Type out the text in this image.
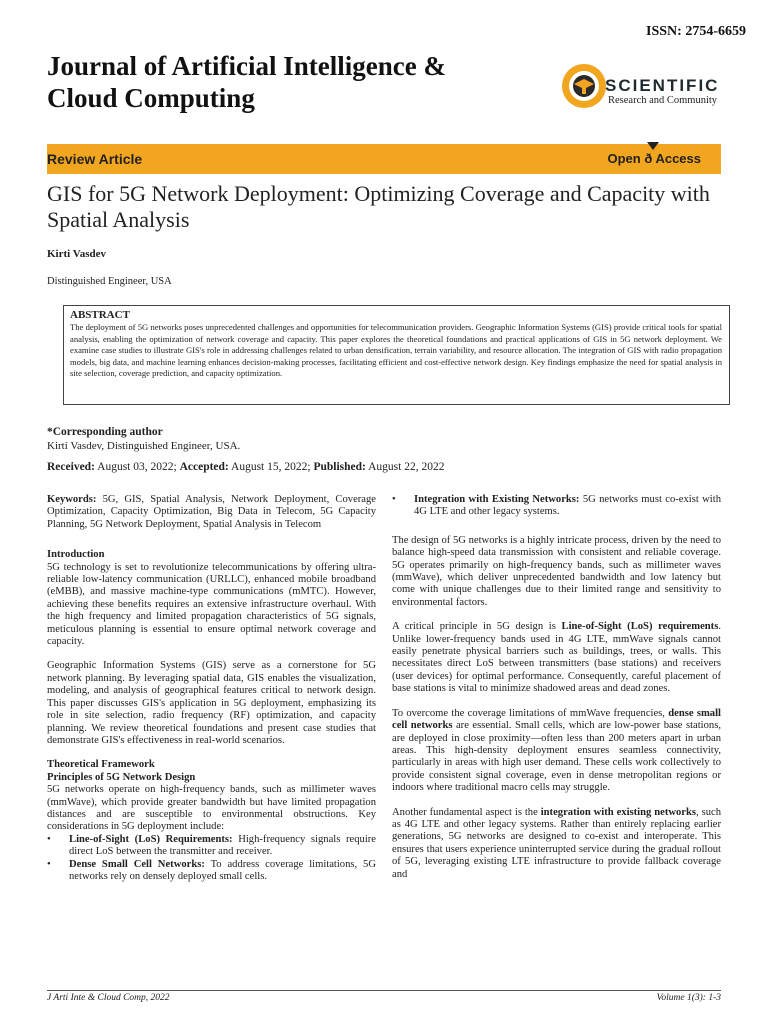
ISSN: 2754-6659
Journal of Artificial Intelligence &
Cloud Computing	SCIENTIFIC
Research and Community
Review Article	Open ð Access
GIS for 5G Network Deployment: Optimizing Coverage and Capacity with Spatial Analysis
Kirti Vasdev
Distinguished Engineer, USA
ABSTRACT
The deployment of 5G networks poses unprecedented challenges and opportunities for telecommunication providers. Geographic Information Systems (GIS) provide critical tools for spatial analysis, enabling the optimization of network coverage and capacity. This paper explores the theoretical foundations and practical applications of GIS in 5G network deployment. We examine case studies to illustrate GIS's role in addressing challenges related to urban densification, terrain variability, and resource allocation. The integration of GIS with radio propagation models, big data, and machine learning enhances decision-making processes, facilitating efficient and cost-effective network design. Key findings emphasize the need for spatial analysis in site selection, coverage prediction, and capacity optimization.
*Corresponding author
Kirti Vasdev, Distinguished Engineer, USA.
Received: August 03, 2022; Accepted: August 15, 2022; Published: August 22, 2022

Keywords: 5G, GIS, Spatial Analysis, Network Deployment, Coverage Optimization, Capacity Optimization, Big Data in Telecom, 5G Capacity Planning, 5G Network Deployment, Spatial Analysis in Telecom

Introduction

5G technology is set to revolutionize telecommunications by offering ultra-reliable low-latency communication (URLLC), enhanced mobile broadband (eMBB), and massive machine-type communications (mMTC). However, achieving these benefits requires an extensive infrastructure overhaul. With the high frequency and limited propagation characteristics of 5G signals, meticulous planning is essential to ensure optimal network coverage and capacity.

Geographic Information Systems (GIS) serve as a cornerstone for 5G network planning. By leveraging spatial data, GIS enables the visualization, modeling, and analysis of geographical features critical to network design. This paper discusses GIS's application in 5G deployment, emphasizing its role in site selection, radio frequency (RF) optimization, and capacity planning. We review theoretical foundations and present case studies that demonstrate GIS's effectiveness in real-world scenarios.

Theoretical Framework

Principles of 5G Network Design

5G networks operate on high-frequency bands, such as millimeter waves (mmWave), which provide greater bandwidth but have limited propagation distances and are susceptible to environmental obstructions. Key considerations in 5G deployment include:

• Line-of-Sight (LoS) Requirements: High-frequency signals require direct LoS between the transmitter and receiver.

• Dense Small Cell Networks: To address coverage limitations, 5G networks rely on densely deployed small cells.

• Integration with Existing Networks: 5G networks must co-exist with 4G LTE and other legacy systems.

The design of 5G networks is a highly intricate process, driven by the need to balance high-speed data transmission with consistent and reliable coverage. 5G operates primarily on high-frequency bands, such as millimeter waves (mmWave), which deliver unprecedented bandwidth and low latency but come with unique challenges due to their limited range and sensitivity to environmental factors.

A critical principle in 5G design is Line-of-Sight (LoS) requirements. Unlike lower-frequency bands used in 4G LTE, mmWave signals cannot easily penetrate physical barriers such as buildings, trees, or walls. This necessitates direct LoS between transmitters (base stations) and receivers (user devices) for optimal performance. Consequently, careful placement of base stations is vital to minimize shadowed areas and dead zones.

To overcome the coverage limitations of mmWave frequencies, dense small cell networks are essential. Small cells, which are low-power base stations, are deployed in close proximity—often less than 200 meters apart in urban areas. This high-density deployment ensures seamless connectivity, particularly in areas with high user demand. These cells work collectively to provide consistent signal coverage, even in dense metropolitan regions or indoors where traditional macro cells may struggle.

Another fundamental aspect is the integration with existing networks, such as 4G LTE and other legacy systems. Rather than entirely replacing earlier generations, 5G networks are designed to co-exist and interoperate. This ensures that users experience uninterrupted service during the gradual rollout of 5G, leveraging existing LTE infrastructure to provide fallback coverage and

J Arti Inte & Cloud Comp, 2022	Volume 1(3): 1-3
